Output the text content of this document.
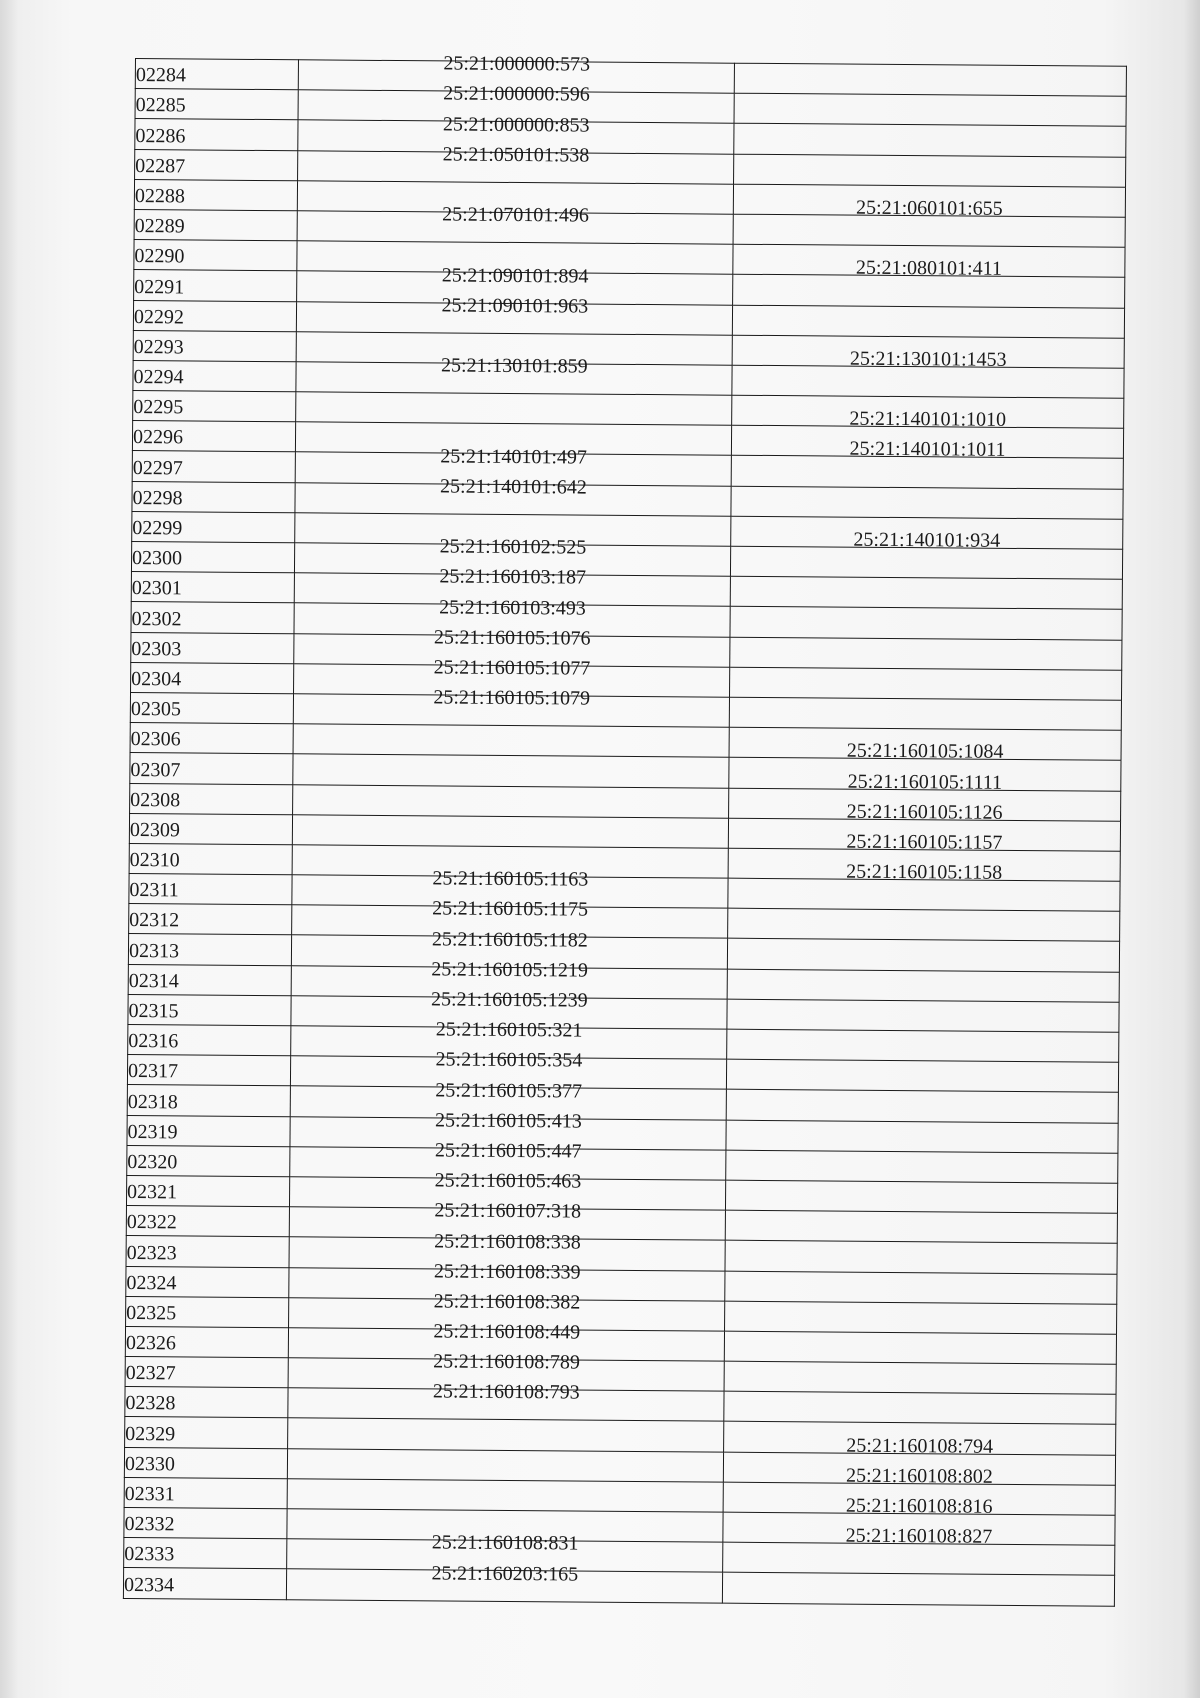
02284	25:21:000000:573	
02285	25:21:000000:596	
02286	25:21:000000:853	
02287	25:21:050101:538	
02288		25:21:060101:655
02289	25:21:070101:496	
02290		25:21:080101:411
02291	25:21:090101:894	
02292	25:21:090101:963	
02293		25:21:130101:1453
02294	25:21:130101:859	
02295		25:21:140101:1010
02296		25:21:140101:1011
02297	25:21:140101:497	
02298	25:21:140101:642	
02299		25:21:140101:934
02300	25:21:160102:525	
02301	25:21:160103:187	
02302	25:21:160103:493	
02303	25:21:160105:1076	
02304	25:21:160105:1077	
02305	25:21:160105:1079	
02306		25:21:160105:1084
02307		25:21:160105:1111
02308		25:21:160105:1126
02309		25:21:160105:1157
02310		25:21:160105:1158
02311	25:21:160105:1163	
02312	25:21:160105:1175	
02313	25:21:160105:1182	
02314	25:21:160105:1219	
02315	25:21:160105:1239	
02316	25:21:160105:321	
02317	25:21:160105:354	
02318	25:21:160105:377	
02319	25:21:160105:413	
02320	25:21:160105:447	
02321	25:21:160105:463	
02322	25:21:160107:318	
02323	25:21:160108:338	
02324	25:21:160108:339	
02325	25:21:160108:382	
02326	25:21:160108:449	
02327	25:21:160108:789	
02328	25:21:160108:793	
02329		25:21:160108:794
02330		25:21:160108:802
02331		25:21:160108:816
02332		25:21:160108:827
02333	25:21:160108:831	
02334	25:21:160203:165	
